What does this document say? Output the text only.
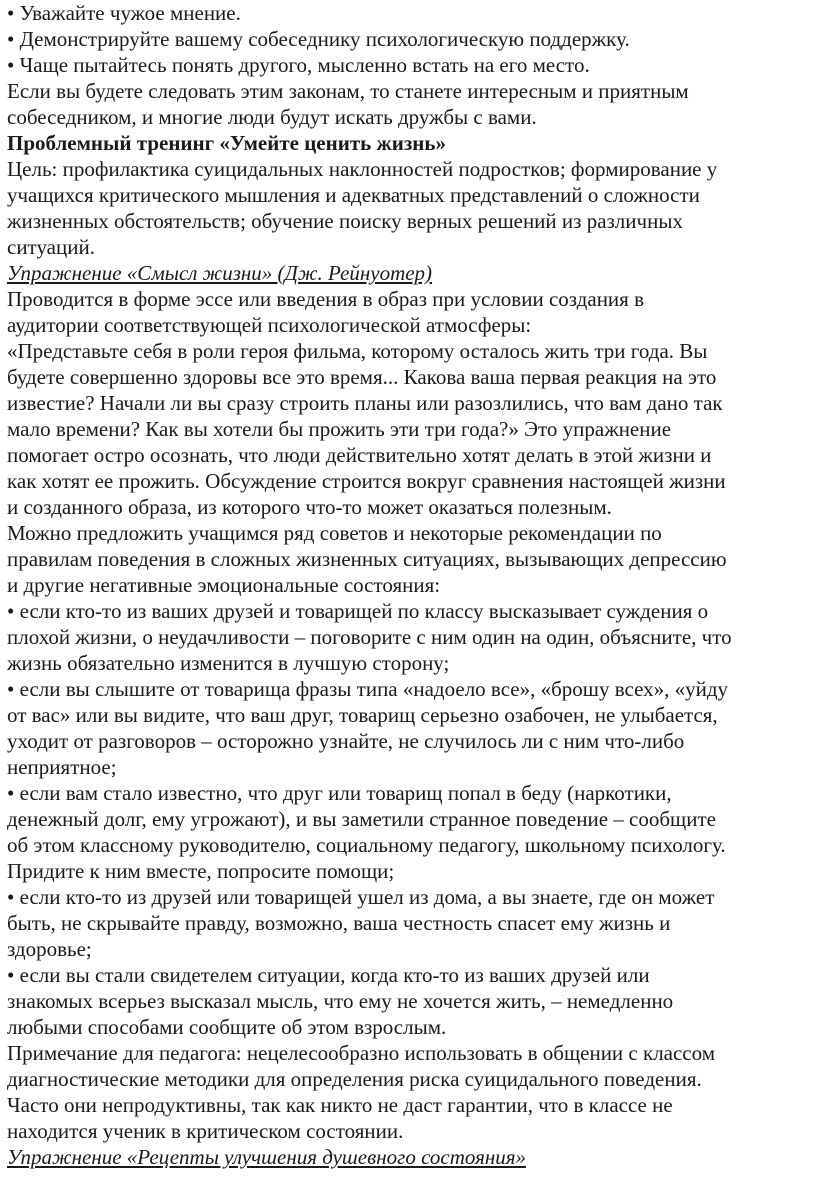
• Уважайте чужое мнение.
• Демонстрируйте вашему собеседнику психологическую поддержку.
• Чаще пытайтесь понять другого, мысленно встать на его место.
Если вы будете следовать этим законам, то станете интересным и приятным
собеседником, и многие люди будут искать дружбы с вами.
Проблемный тренинг «Умейте ценить жизнь»
Цель: профилактика суицидальных наклонностей подростков; формирование у
учащихся критического мышления и адекватных представлений о сложности
жизненных обстоятельств; обучение поиску верных решений из различных
ситуаций.
Упражнение «Смысл жизни» (Дж. Рейнуотер)
Проводится в форме эссе или введения в образ при условии создания в
аудитории соответствующей психологической атмосферы:
«Представьте себя в роли героя фильма, которому осталось жить три года. Вы
будете совершенно здоровы все это время... Какова ваша первая реакция на это
известие? Начали ли вы сразу строить планы или разозлились, что вам дано так
мало времени? Как вы хотели бы прожить эти три года?» Это упражнение
помогает остро осознать, что люди действительно хотят делать в этой жизни и
как хотят ее прожить. Обсуждение строится вокруг сравнения настоящей жизни
и созданного образа, из которого что-то может оказаться полезным.
Можно предложить учащимся ряд советов и некоторые рекомендации по
правилам поведения в сложных жизненных ситуациях, вызывающих депрессию
и другие негативные эмоциональные состояния:
• если кто-то из ваших друзей и товарищей по классу высказывает суждения о
плохой жизни, о неудачливости – поговорите с ним один на один, объясните, что
жизнь обязательно изменится в лучшую сторону;
• если вы слышите от товарища фразы типа «надоело все», «брошу всех», «уйду
от вас» или вы видите, что ваш друг, товарищ серьезно озабочен, не улыбается,
уходит от разговоров – осторожно узнайте, не случилось ли с ним что-либо
неприятное;
• если вам стало известно, что друг или товарищ попал в беду (наркотики,
денежный долг, ему угрожают), и вы заметили странное поведение – сообщите
об этом классному руководителю, социальному педагогу, школьному психологу.
Придите к ним вместе, попросите помощи;
• если кто-то из друзей или товарищей ушел из дома, а вы знаете, где он может
быть, не скрывайте правду, возможно, ваша честность спасет ему жизнь и
здоровье;
• если вы стали свидетелем ситуации, когда кто-то из ваших друзей или
знакомых всерьез высказал мысль, что ему не хочется жить, – немедленно
любыми способами сообщите об этом взрослым.
Примечание для педагога: нецелесообразно использовать в общении с классом
диагностические методики для определения риска суицидального поведения.
Часто они непродуктивны, так как никто не даст гарантии, что в классе не
находится ученик в критическом состоянии.
Упражнение «Рецепты улучшения душевного состояния»
